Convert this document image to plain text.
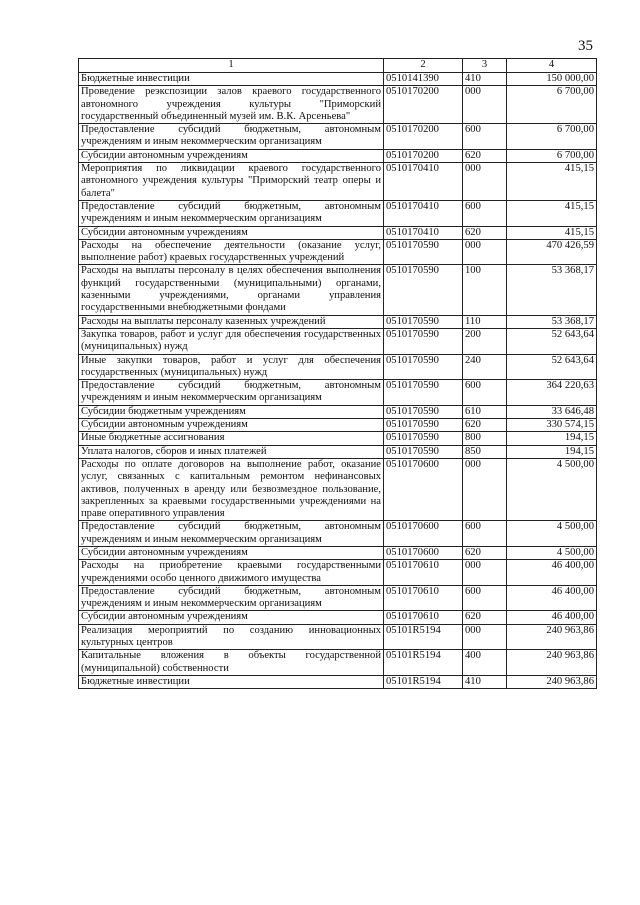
35
1	2	3	4
Бюджетные инвестиции	0510141390	410	150 000,00
Проведение реэкспозиции залов краевого государственного автономного учреждения культуры "Приморский государственный объединенный музей им. В.К. Арсеньева"	0510170200	000	6 700,00
Предоставление субсидий бюджетным, автономным учреждениям и иным некоммерческим организациям	0510170200	600	6 700,00
Субсидии автономным учреждениям	0510170200	620	6 700,00
Мероприятия по ликвидации краевого государственного автономного учреждения культуры "Приморский театр оперы и балета"	0510170410	000	415,15
Предоставление субсидий бюджетным, автономным учреждениям и иным некоммерческим организациям	0510170410	600	415,15
Субсидии автономным учреждениям	0510170410	620	415,15
Расходы на обеспечение деятельности (оказание услуг, выполнение работ) краевых государственных учреждений	0510170590	000	470 426,59
Расходы на выплаты персоналу в целях обеспечения выполнения функций государственными (муниципальными) органами, казенными учреждениями, органами управления государственными внебюджетными фондами	0510170590	100	53 368,17
Расходы на выплаты персоналу казенных учреждений	0510170590	110	53 368,17
Закупка товаров, работ и услуг для обеспечения государственных (муниципальных) нужд	0510170590	200	52 643,64
Иные закупки товаров, работ и услуг для обеспечения государственных (муниципальных) нужд	0510170590	240	52 643,64
Предоставление субсидий бюджетным, автономным учреждениям и иным некоммерческим организациям	0510170590	600	364 220,63
Субсидии бюджетным учреждениям	0510170590	610	33 646,48
Субсидии автономным учреждениям	0510170590	620	330 574,15
Иные бюджетные ассигнования	0510170590	800	194,15
Уплата налогов, сборов и иных платежей	0510170590	850	194,15
Расходы по оплате договоров на выполнение работ, оказание услуг, связанных с капитальным ремонтом нефинансовых активов, полученных в аренду или безвозмездное пользование, закрепленных за краевыми государственными учреждениями на праве оперативного управления	0510170600	000	4 500,00
Предоставление субсидий бюджетным, автономным учреждениям и иным некоммерческим организациям	0510170600	600	4 500,00
Субсидии автономным учреждениям	0510170600	620	4 500,00
Расходы на приобретение краевыми государственными учреждениями особо ценного движимого имущества	0510170610	000	46 400,00
Предоставление субсидий бюджетным, автономным учреждениям и иным некоммерческим организациям	0510170610	600	46 400,00
Субсидии автономным учреждениям	0510170610	620	46 400,00
Реализация мероприятий по созданию инновационных культурных центров	05101R5194	000	240 963,86
Капитальные вложения в объекты государственной (муниципальной) собственности	05101R5194	400	240 963,86
Бюджетные инвестиции	05101R5194	410	240 963,86
